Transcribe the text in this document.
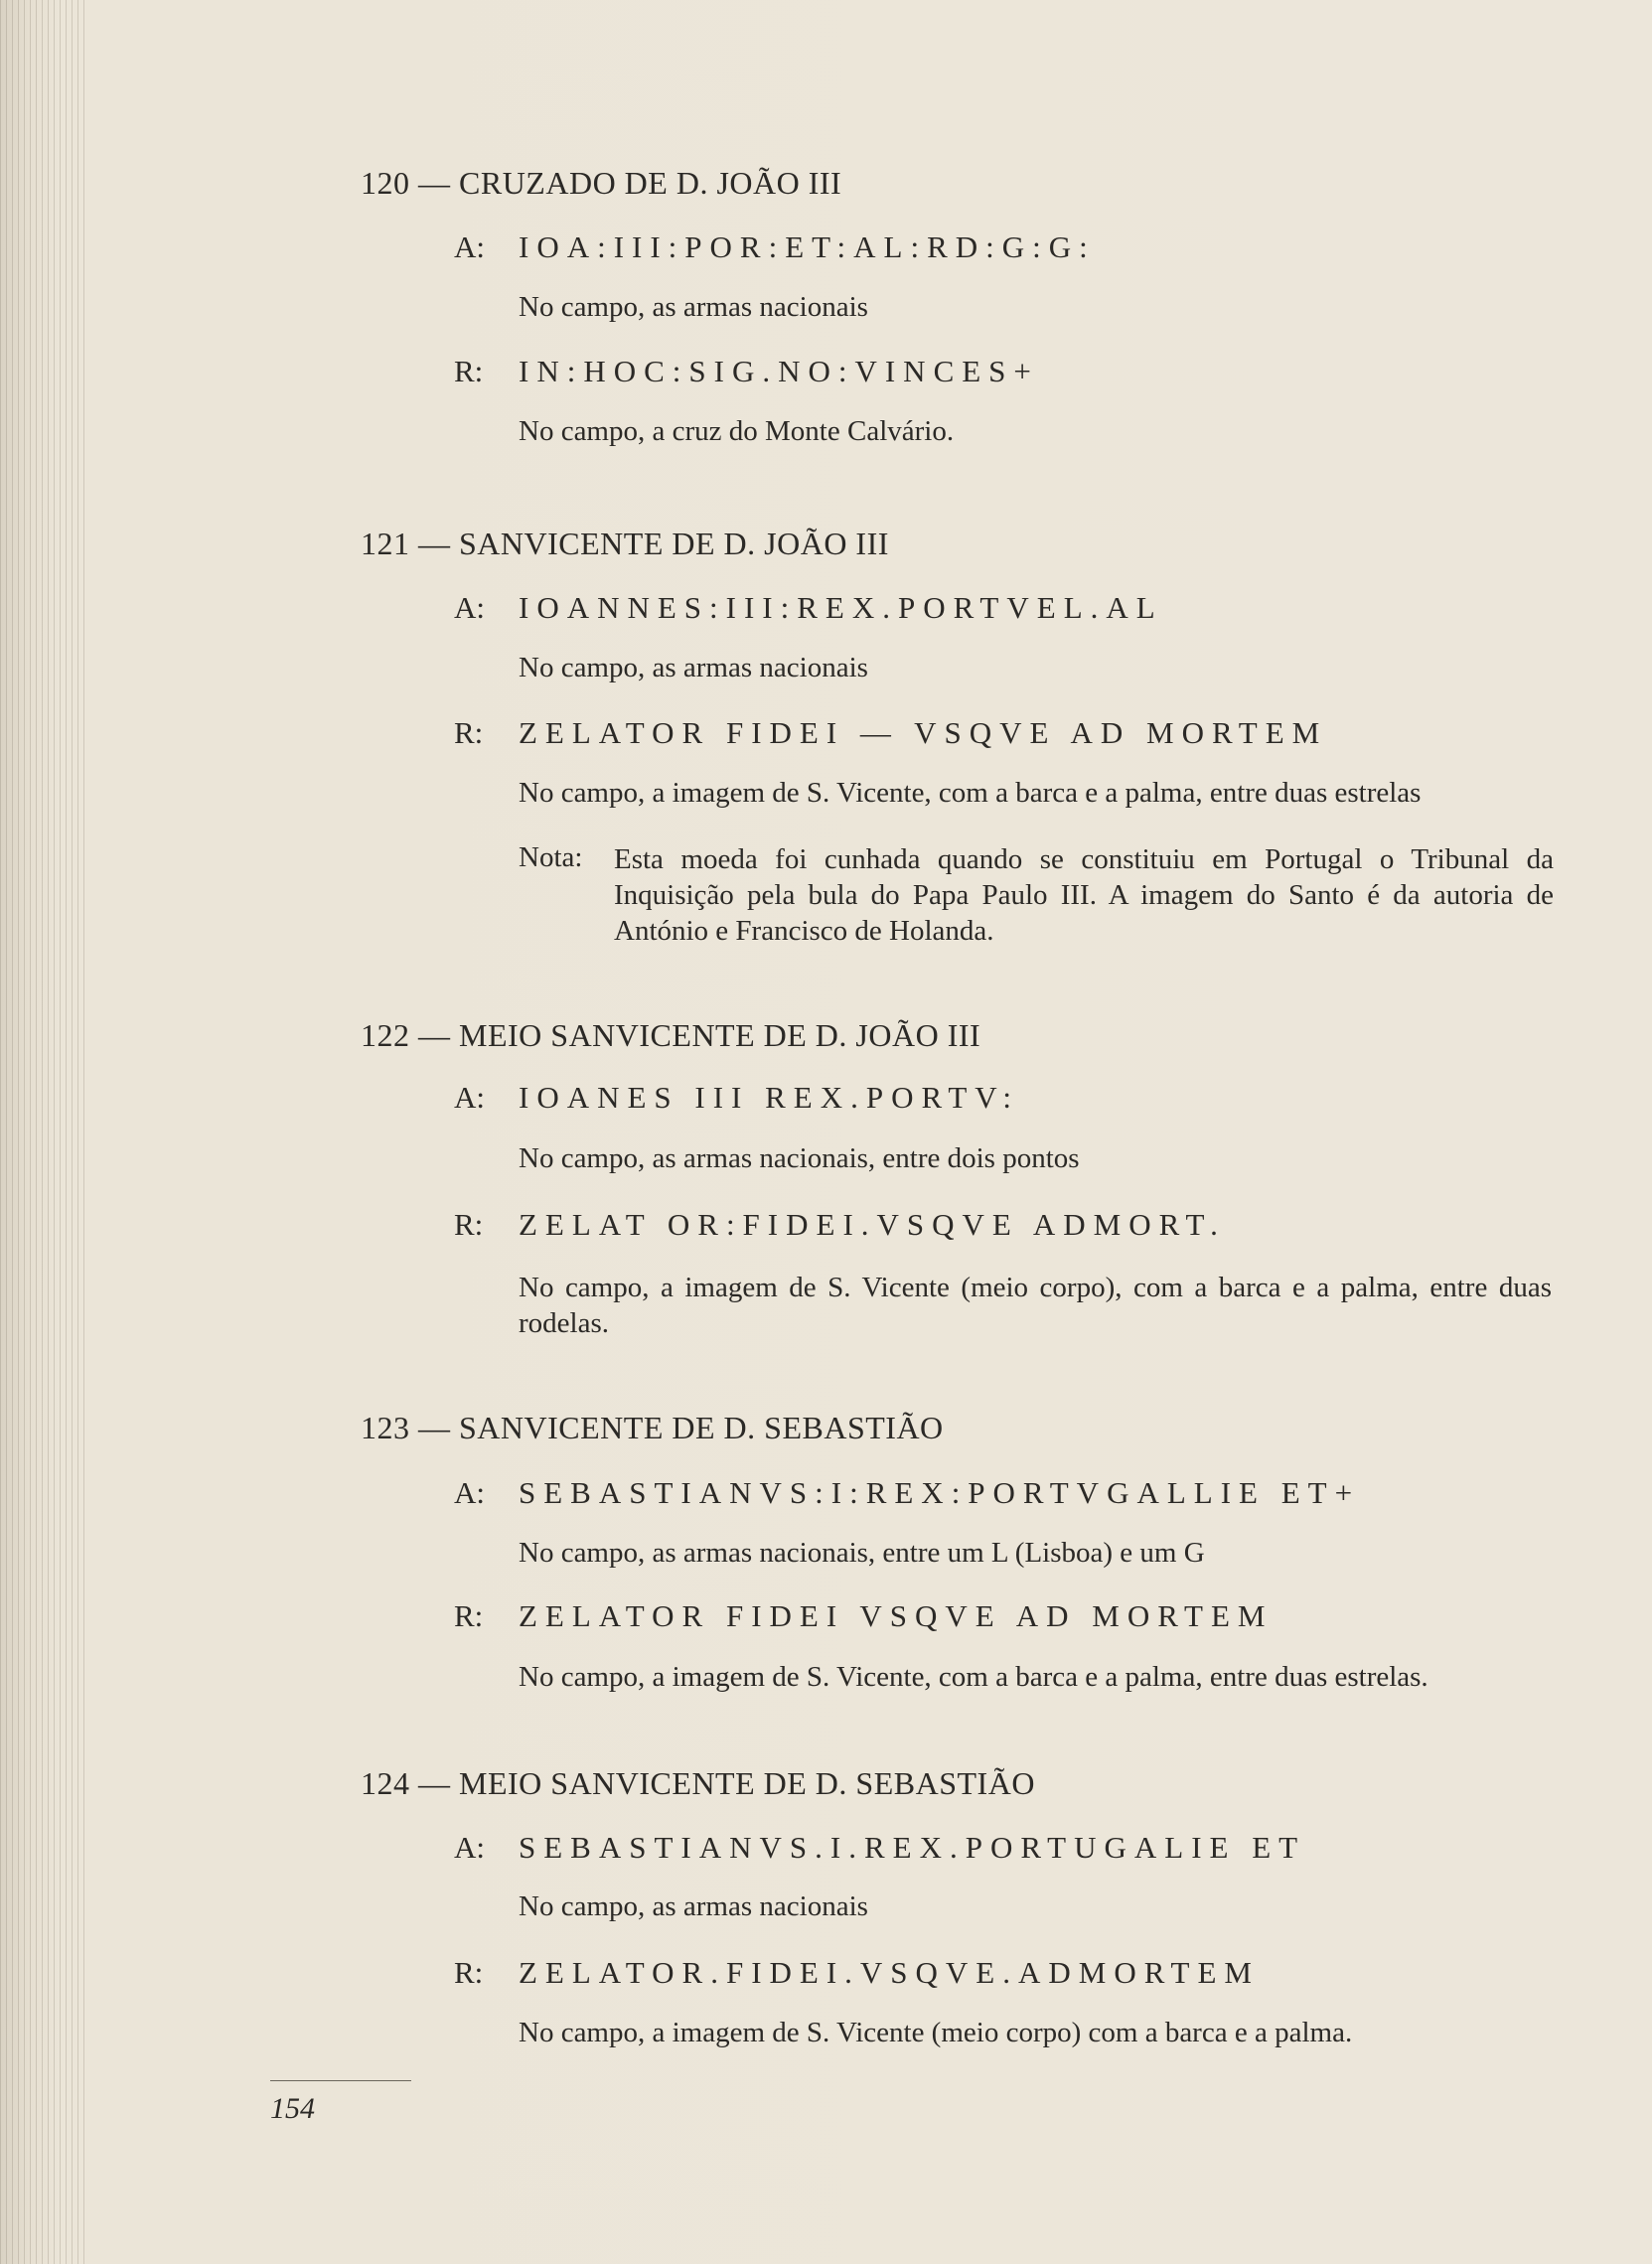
120 — CRUZADO DE D. JOÃO III
A: IOA:III:POR:ET:AL:RD:G:G:
No campo, as armas nacionais
R: IN:HOC:SIG.NO:VINCES+
No campo, a cruz do Monte Calvário.
121 — SANVICENTE DE D. JOÃO III
A: IOANNES:III:REX.PORTVEL.AL
No campo, as armas nacionais
R: ZELATOR FIDEI — VSQVE AD MORTEM
No campo, a imagem de S. Vicente, com a barca e a palma, entre duas estrelas
Nota: Esta moeda foi cunhada quando se constituiu em Portugal o Tribunal da Inquisição pela bula do Papa Paulo III. A imagem do Santo é da autoria de António e Francisco de Holanda.
122 — MEIO SANVICENTE DE D. JOÃO III
A: IOANES III REX.PORTV:
No campo, as armas nacionais, entre dois pontos
R: ZELAT OR:FIDEI.VSQVE ADMORT.
No campo, a imagem de S. Vicente (meio corpo), com a barca e a palma, entre duas rodelas.
123 — SANVICENTE DE D. SEBASTIÃO
A: SEBASTIANVS:I:REX:PORTVGALLIE ET+
No campo, as armas nacionais, entre um L (Lisboa) e um G
R: ZELATOR FIDEI VSQVE AD MORTEM
No campo, a imagem de S. Vicente, com a barca e a palma, entre duas estrelas.
124 — MEIO SANVICENTE DE D. SEBASTIÃO
A: SEBASTIANVS.I.REX.PORTUGALIE ET
No campo, as armas nacionais
R: ZELATOR.FIDEI.VSQVE.ADMORTEM
No campo, a imagem de S. Vicente (meio corpo) com a barca e a palma.
154
